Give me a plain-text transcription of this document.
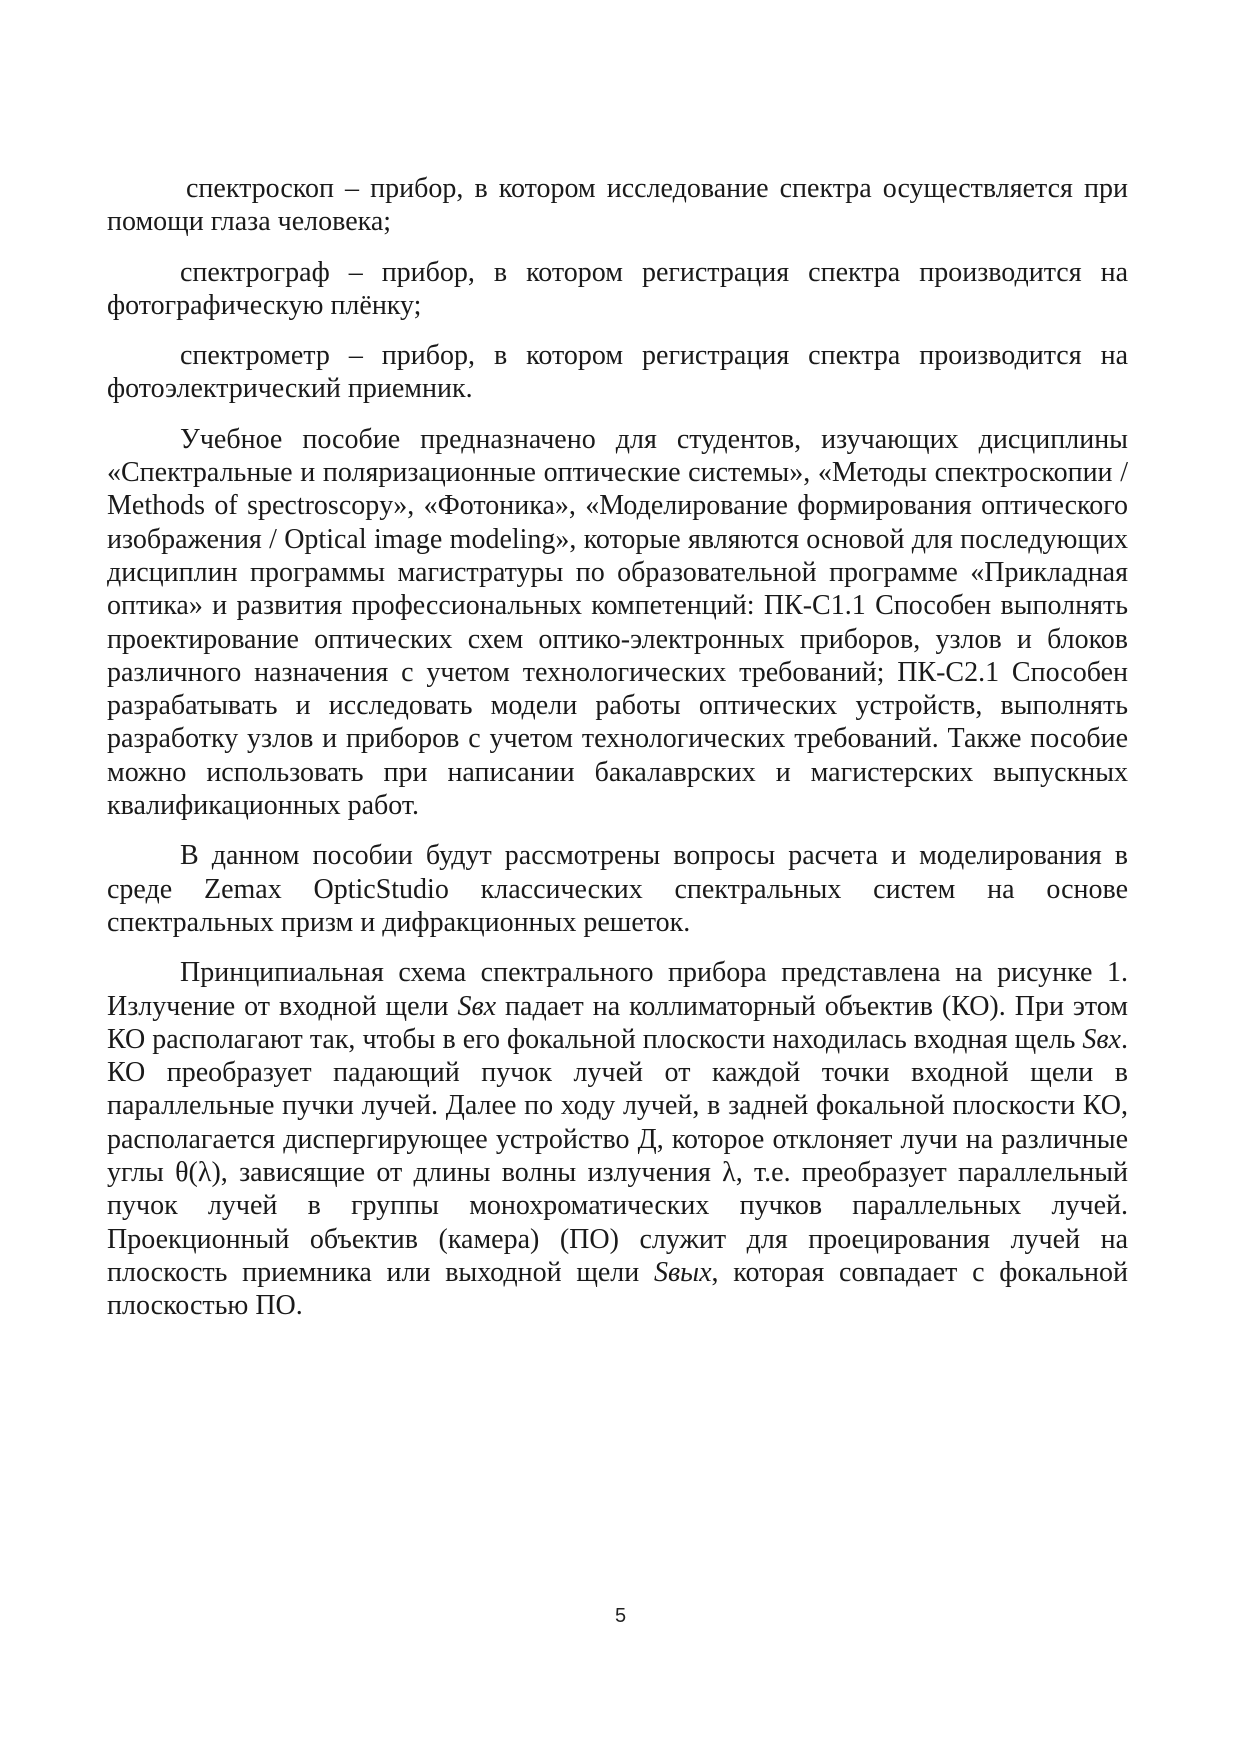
спектроскоп – прибор, в котором исследование спектра осуществляется при помощи глаза человека;

спектрограф – прибор, в котором регистрация спектра производится на фотографическую плёнку;

спектрометр – прибор, в котором регистрация спектра производится на фотоэлектрический приемник.

Учебное пособие предназначено для студентов, изучающих дисциплины «Спектральные и поляризационные оптические системы», «Методы спектроскопии / Methods of spectroscopy», «Фотоника», «Моделирование формирования оптического изображения / Optical image modeling», которые являются основой для последующих дисциплин программы магистратуры по образовательной программе «Прикладная оптика» и развития профессиональных компетенций: ПК-С1.1 Способен выполнять проектирование оптических схем оптико-электронных приборов, узлов и блоков различного назначения с учетом технологических требований; ПК-С2.1 Способен разрабатывать и исследовать модели работы оптических устройств, выполнять разработку узлов и приборов с учетом технологических требований. Также пособие можно использовать при написании бакалаврских и магистерских выпускных квалификационных работ.

В данном пособии будут рассмотрены вопросы расчета и моделирования в среде Zemax OpticStudio классических спектральных систем на основе спектральных призм и дифракционных решеток.

Принципиальная схема спектрального прибора представлена на рисунке 1. Излучение от входной щели Sвх падает на коллиматорный объектив (КО). При этом КО располагают так, чтобы в его фокальной плоскости находилась входная щель Sвх. КО преобразует падающий пучок лучей от каждой точки входной щели в параллельные пучки лучей. Далее по ходу лучей, в задней фокальной плоскости КО, располагается диспергирующее устройство Д, которое отклоняет лучи на различные углы θ(λ), зависящие от длины волны излучения λ, т.е. преобразует параллельный пучок лучей в группы монохроматических пучков параллельных лучей. Проекционный объектив (камера) (ПО) служит для проецирования лучей на плоскость приемника или выходной щели Sвых, которая совпадает с фокальной плоскостью ПО.

5
